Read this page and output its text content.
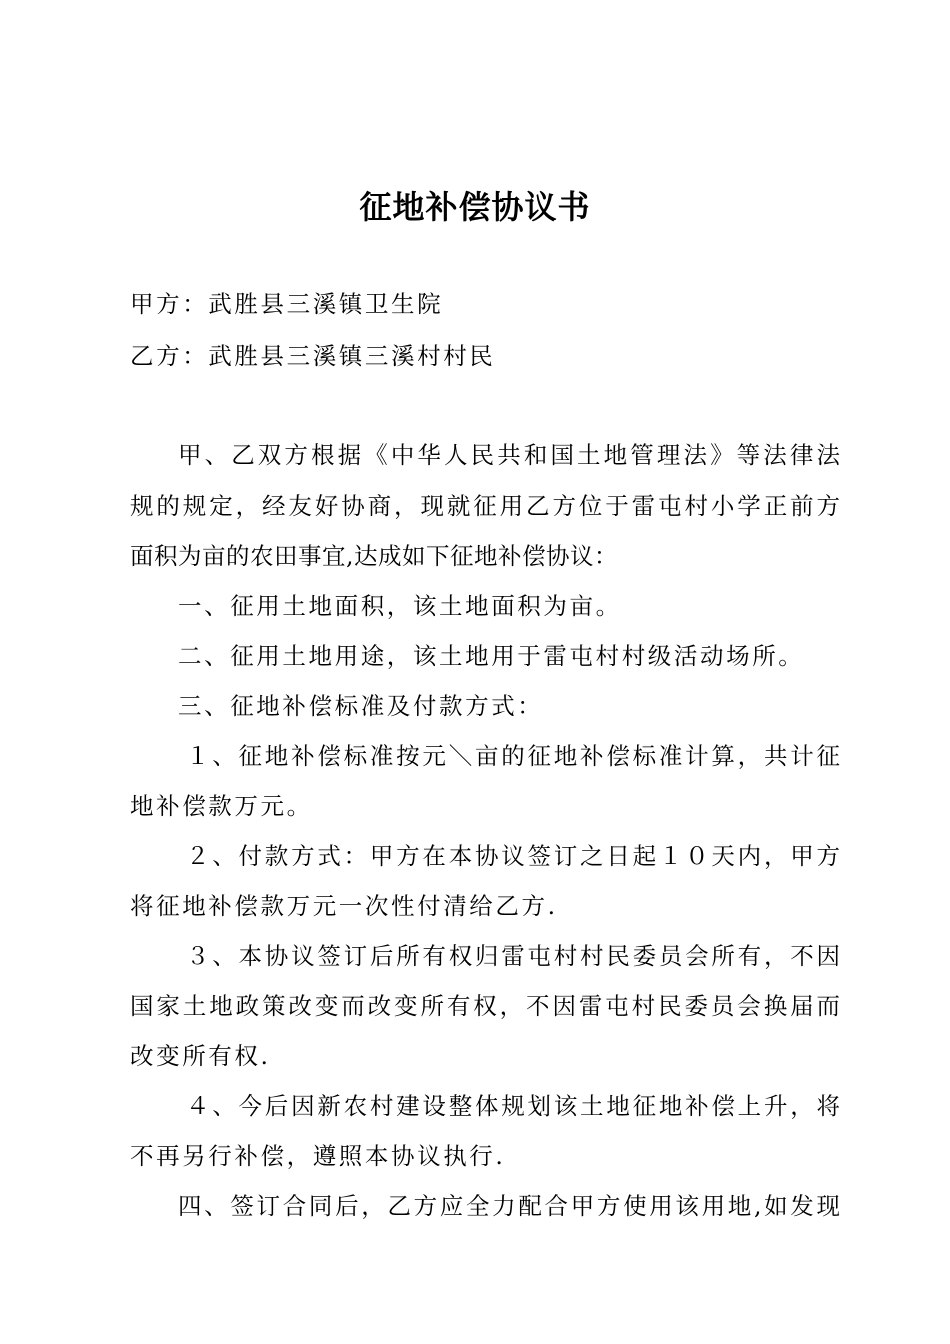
征地补偿协议书
甲方：武胜县三溪镇卫生院
乙方：武胜县三溪镇三溪村村民
甲、乙双方根据《中华人民共和国土地管理法》等法律法
规的规定，经友好协商，现就征用乙方位于雷屯村小学正前方
面积为亩的农田事宜,达成如下征地补偿协议：
一、征用土地面积，该土地面积为亩。
二、征用土地用途，该土地用于雷屯村村级活动场所。
三、征地补偿标准及付款方式：
１、征地补偿标准按元＼亩的征地补偿标准计算，共计征
地补偿款万元。
２、付款方式：甲方在本协议签订之日起１０天内，甲方
将征地补偿款万元一次性付清给乙方.
３、本协议签订后所有权归雷屯村村民委员会所有，不因
国家土地政策改变而改变所有权，不因雷屯村民委员会换届而
改变所有权.
４、今后因新农村建设整体规划该土地征地补偿上升，将
不再另行补偿，遵照本协议执行.
四、签订合同后，乙方应全力配合甲方使用该用地,如发现
